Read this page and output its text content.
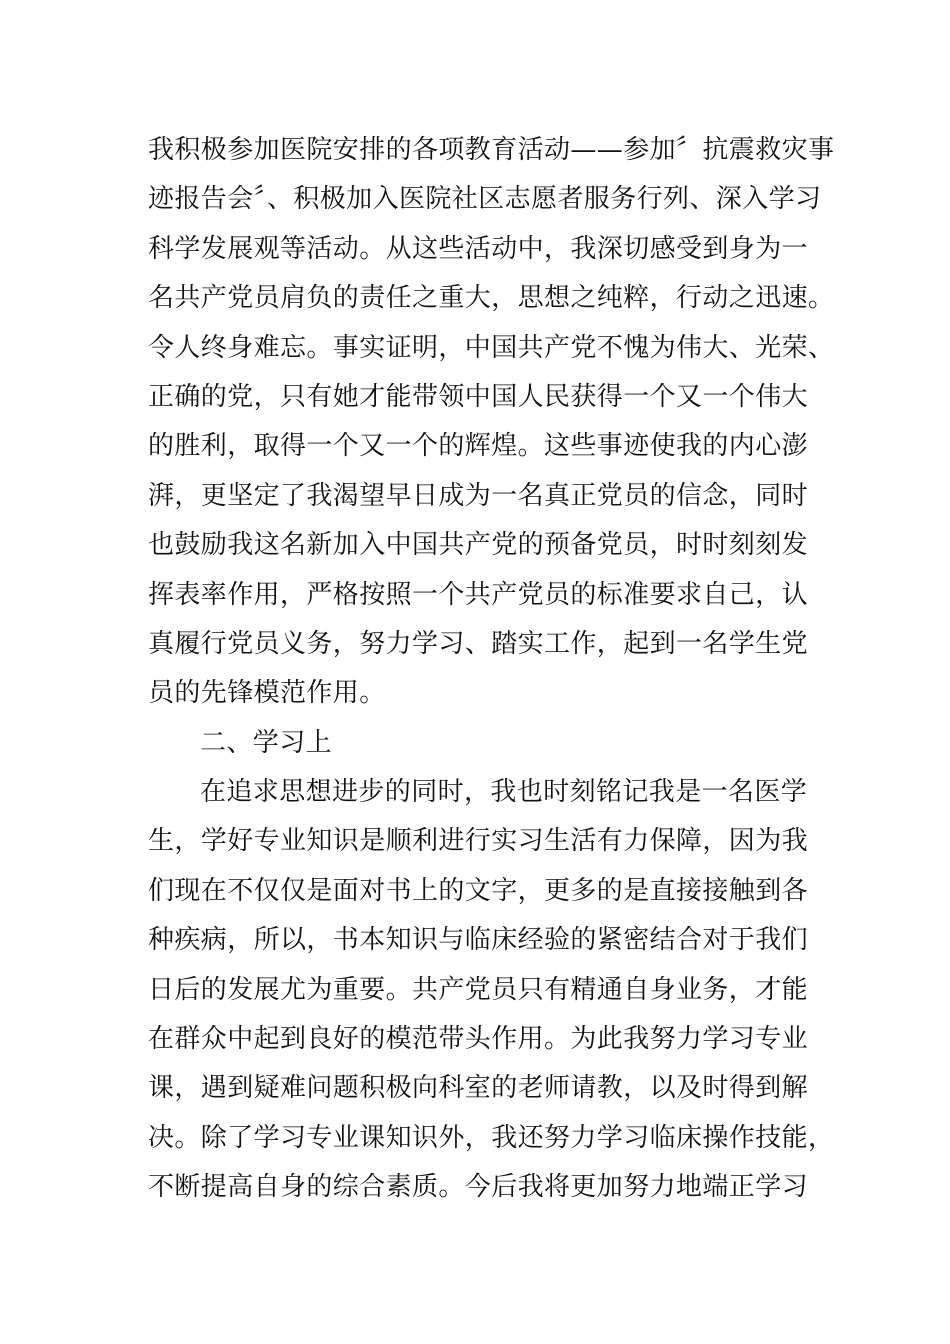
我积极参加医院安排的各项教育活动——参加〞抗震救灾事
迹报告会〞、积极加入医院社区志愿者服务行列、深入学习
科学发展观等活动。从这些活动中，我深切感受到身为一
名共产党员肩负的责任之重大，思想之纯粹，行动之迅速。
令人终身难忘。事实证明，中国共产党不愧为伟大、光荣、
正确的党，只有她才能带领中国人民获得一个又一个伟大
的胜利，取得一个又一个的辉煌。这些事迹使我的内心澎
湃，更坚定了我渴望早日成为一名真正党员的信念，同时
也鼓励我这名新加入中国共产党的预备党员，时时刻刻发
挥表率作用，严格按照一个共产党员的标准要求自己，认
真履行党员义务，努力学习、踏实工作，起到一名学生党
员的先锋模范作用。
二、学习上
在追求思想进步的同时，我也时刻铭记我是一名医学
生，学好专业知识是顺利进行实习生活有力保障，因为我
们现在不仅仅是面对书上的文字，更多的是直接接触到各
种疾病，所以，书本知识与临床经验的紧密结合对于我们
日后的发展尤为重要。共产党员只有精通自身业务，才能
在群众中起到良好的模范带头作用。为此我努力学习专业
课，遇到疑难问题积极向科室的老师请教，以及时得到解
决。除了学习专业课知识外，我还努力学习临床操作技能，
不断提高自身的综合素质。今后我将更加努力地端正学习
